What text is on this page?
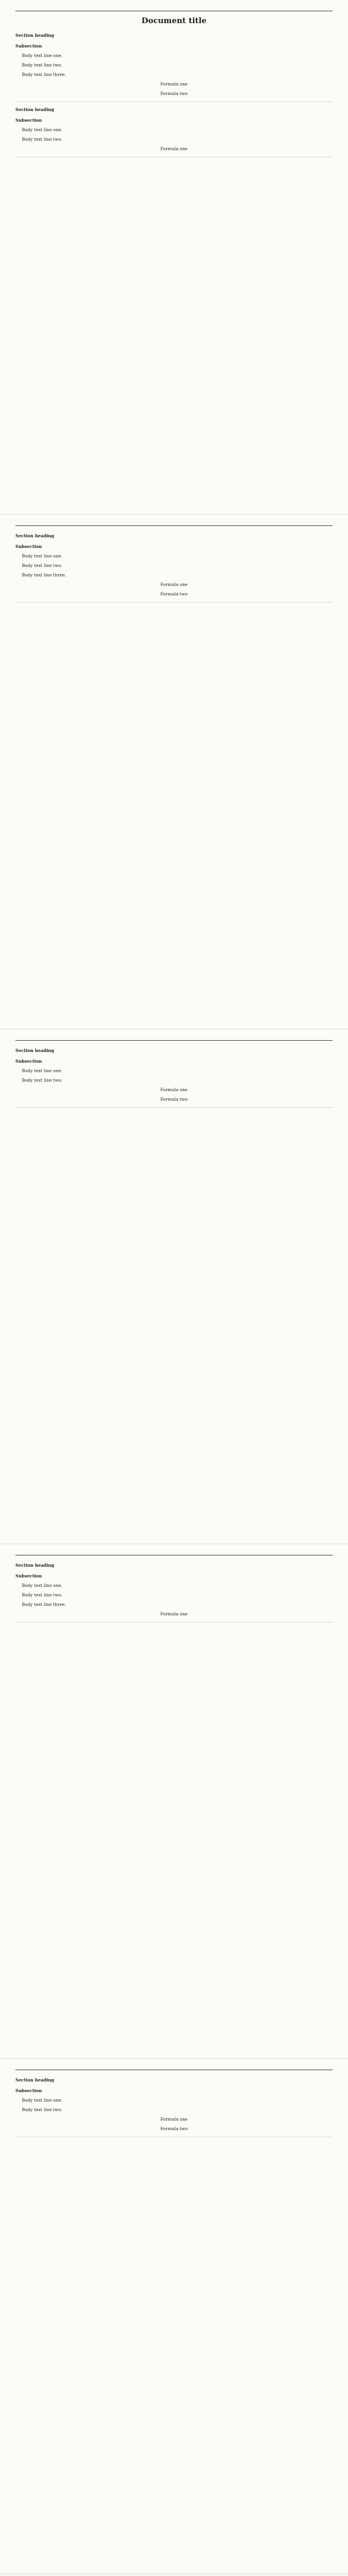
Document title
Section heading
Subsection
Body text line one.
Body text line two.
Body text line three.
Formula one
Formula two
Section heading
Subsection
Body text line one.
Body text line two.
Formula one
Section heading
Subsection
Body text line one.
Body text line two.
Body text line three.
Formula one
Formula two
Section heading
Subsection
Body text line one.
Body text line two.
Formula one
Formula two
Section heading
Subsection
Body text line one.
Body text line two.
Body text line three.
Formula one
Section heading
Subsection
Body text line one.
Body text line two.
Formula one
Formula two
